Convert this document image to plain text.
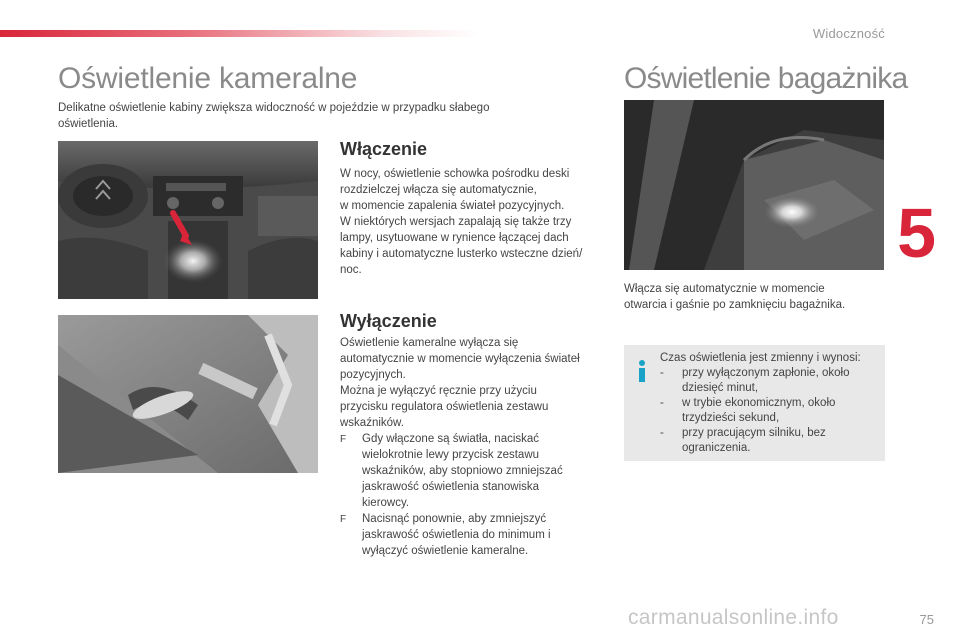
Widoczność
5
Oświetlenie kameralne

Delikatne oświetlenie kabiny zwiększa widoczność w pojeździe w przypadku słabego oświetlenia.

Włączenie
W nocy, oświetlenie schowka pośrodku deski
rozdzielczej włącza się automatycznie,
w momencie zapalenia świateł pozycyjnych.
W niektórych wersjach zapalają się także trzy
lampy, usytuowane w rynience łączącej dach
kabiny i automatyczne lusterko wsteczne dzień/
noc.
Wyłączenie
Oświetlenie kameralne wyłącza się
automatycznie w momencie wyłączenia świateł
pozycyjnych.
Można je wyłączyć ręcznie przy użyciu
przycisku regulatora oświetlenia zestawu
wskaźników.
F	Gdy włączone są światła, naciskać
wielokrotnie lewy przycisk zestawu
wskaźników, aby stopniowo zmniejszać
jaskrawość oświetlenia stanowiska
kierowcy.
F	Nacisnąć ponownie, aby zmniejszyć
jaskrawość oświetlenia do minimum i
wyłączyć oświetlenie kameralne.
Oświetlenie bagażnika
Włącza się automatycznie w momencie
otwarcia i gaśnie po zamknięciu bagażnika.
Czas oświetlenia jest zmienny i wynosi:
-	przy wyłączonym zapłonie, około
dziesięć minut,
-	w trybie ekonomicznym, około
trzydzieści sekund,
-	przy pracującym silniku, bez
ograniczenia.
carmanualsonline.info	75
